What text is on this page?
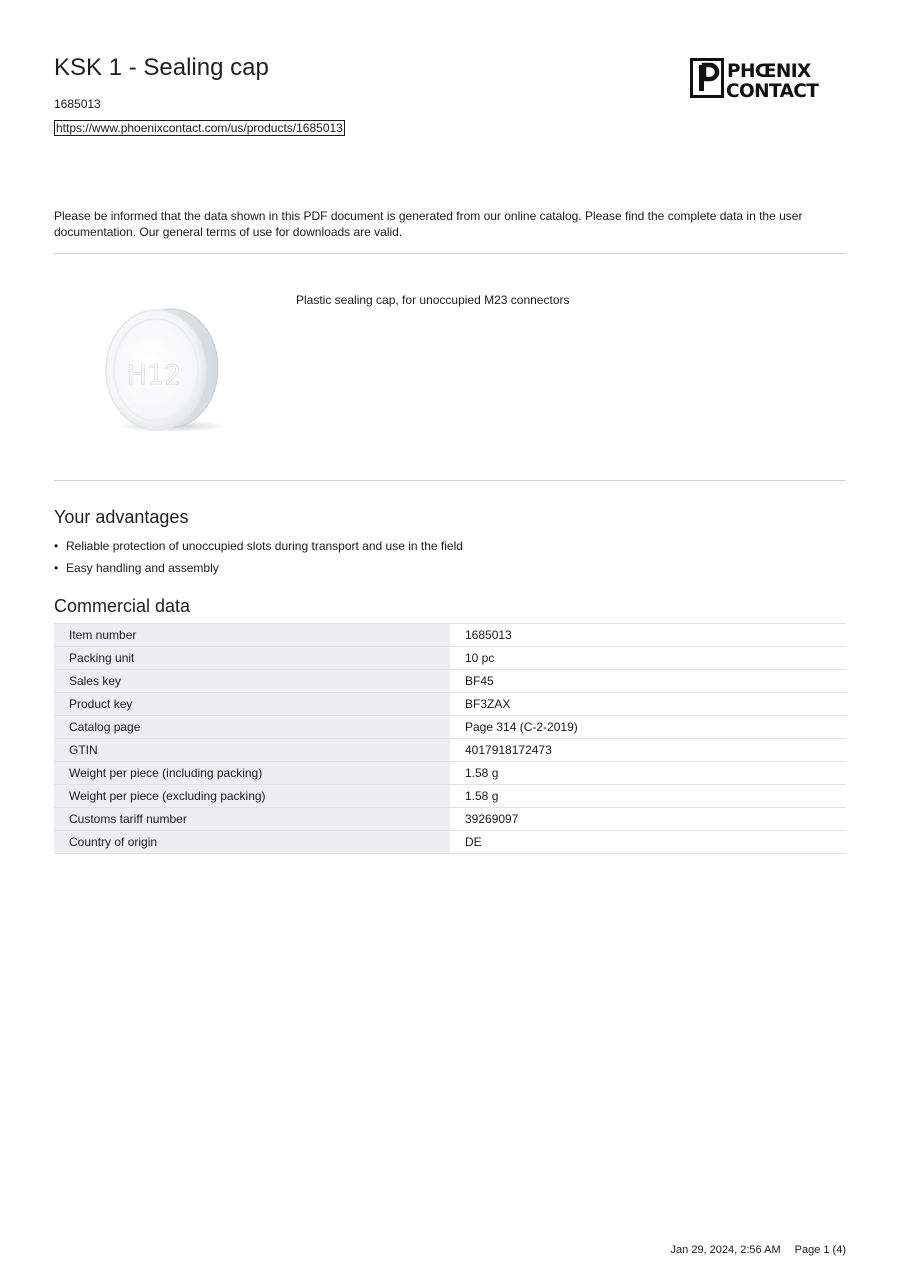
KSK 1 - Sealing cap
1685013
https://www.phoenixcontact.com/us/products/1685013
PHŒNIX
CONTACT

Please be informed that the data shown in this PDF document is generated from our online catalog. Please find the complete data in the user documentation. Our general terms of use for downloads are valid.

H12
Plastic sealing cap, for unoccupied M23 connectors
Your advantages
• Reliable protection of unoccupied slots during transport and use in the field
• Easy handling and assembly
Commercial data
Item number	1685013
Packing unit	10 pc
Sales key	BF45
Product key	BF3ZAX
Catalog page	Page 314 (C-2-2019)
GTIN	4017918172473
Weight per piece (including packing)	1.58 g
Weight per piece (excluding packing)	1.58 g
Customs tariff number	39269097
Country of origin	DE
Jan 29, 2024, 2:56 AM Page 1 (4)
